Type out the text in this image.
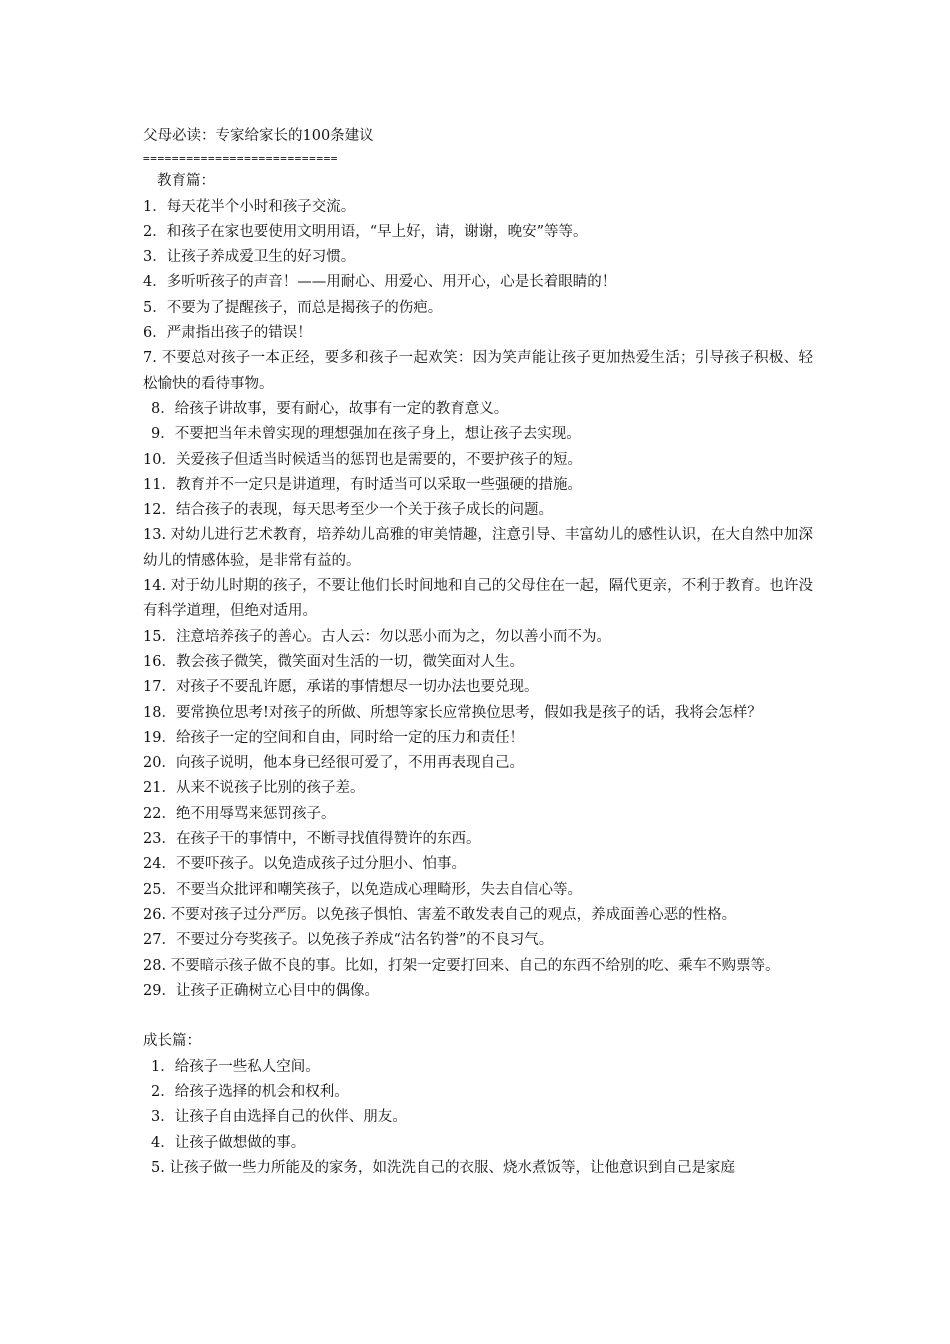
父母必读：专家给家长的100条建议
===========================
教育篇：
1．每天花半个小时和孩子交流。
2．和孩子在家也要使用文明用语，“早上好，请，谢谢，晚安”等等。
3．让孩子养成爱卫生的好习惯。
4．多听听孩子的声音！——用耐心、用爱心、用开心，心是长着眼睛的！
5．不要为了提醒孩子，而总是揭孩子的伤疤。
6．严肃指出孩子的错误！
7. 不要总对孩子一本正经，要多和孩子一起欢笑：因为笑声能让孩子更加热爱生活；引导孩子积极、轻松愉快的看待事物。
8．给孩子讲故事，要有耐心，故事有一定的教育意义。
9．不要把当年未曾实现的理想强加在孩子身上，想让孩子去实现。
10．关爱孩子但适当时候适当的惩罚也是需要的，不要护孩子的短。
11．教育并不一定只是讲道理，有时适当可以采取一些强硬的措施。
12．结合孩子的表现，每天思考至少一个关于孩子成长的问题。
13. 对幼儿进行艺术教育，培养幼儿高雅的审美情趣，注意引导、丰富幼儿的感性认识，在大自然中加深幼儿的情感体验，是非常有益的。
14. 对于幼儿时期的孩子，不要让他们长时间地和自己的父母住在一起，隔代更亲，不利于教育。也许没有科学道理，但绝对适用。
15．注意培养孩子的善心。古人云：勿以恶小而为之，勿以善小而不为。
16．教会孩子微笑，微笑面对生活的一切，微笑面对人生。
17．对孩子不要乱许愿，承诺的事情想尽一切办法也要兑现。
18．要常换位思考!对孩子的所做、所想等家长应常换位思考，假如我是孩子的话，我将会怎样？
19．给孩子一定的空间和自由，同时给一定的压力和责任！
20．向孩子说明，他本身已经很可爱了，不用再表现自己。
21．从来不说孩子比别的孩子差。
22．绝不用辱骂来惩罚孩子。
23．在孩子干的事情中，不断寻找值得赞许的东西。
24．不要吓孩子。以免造成孩子过分胆小、怕事。
25．不要当众批评和嘲笑孩子，以免造成心理畸形，失去自信心等。
26. 不要对孩子过分严厉。以免孩子惧怕、害羞不敢发表自己的观点，养成面善心恶的性格。
27．不要过分夸奖孩子。以免孩子养成“沽名钓誉”的不良习气。
28. 不要暗示孩子做不良的事。比如，打架一定要打回来、自己的东西不给别的吃、乘车不购票等。
29．让孩子正确树立心目中的偶像。
成长篇：
1．给孩子一些私人空间。
2．给孩子选择的机会和权利。
3．让孩子自由选择自己的伙伴、朋友。
4．让孩子做想做的事。
5. 让孩子做一些力所能及的家务，如洗洗自己的衣服、烧水煮饭等，让他意识到自己是家庭
